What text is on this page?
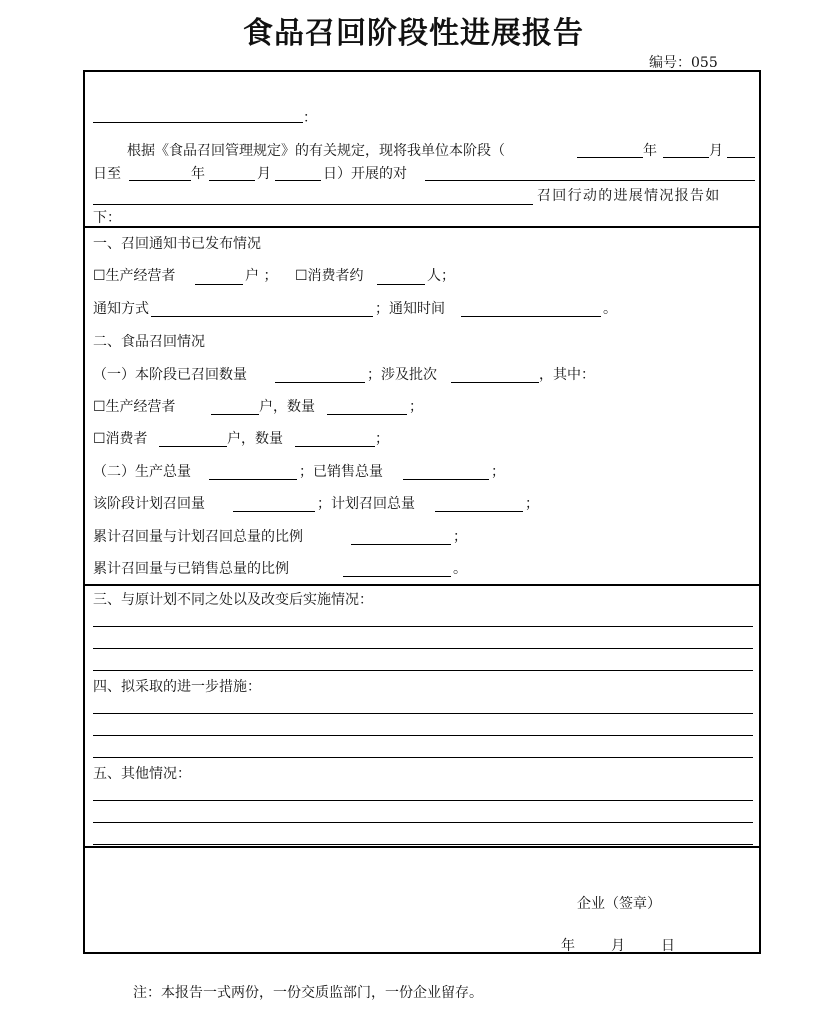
食品召回阶段性进展报告
编号：055
：
根据《食品召回管理规定》的有关规定，现将我单位本阶段（	年	月
日至	年	月	日）开展的对
召回行动的进展情况报告如
下：
一、召回通知书已发布情况
☐生产经营者	户 ； ☐消费者约	人；
通知方式	；通知时间	。
二、食品召回情况
（一）本阶段已召回数量	；涉及批次	，其中：
☐生产经营者	户，数量	；
☐消费者	户，数量	；
（二）生产总量	；已销售总量	；
该阶段计划召回量	；计划召回总量	；
累计召回量与计划召回总量的比例	；
累计召回量与已销售总量的比例	。
三、与原计划不同之处以及改变后实施情况：
四、拟采取的进一步措施：
五、其他情况：
企业（签章）
年	月	日
注：本报告一式两份，一份交质监部门，一份企业留存。
